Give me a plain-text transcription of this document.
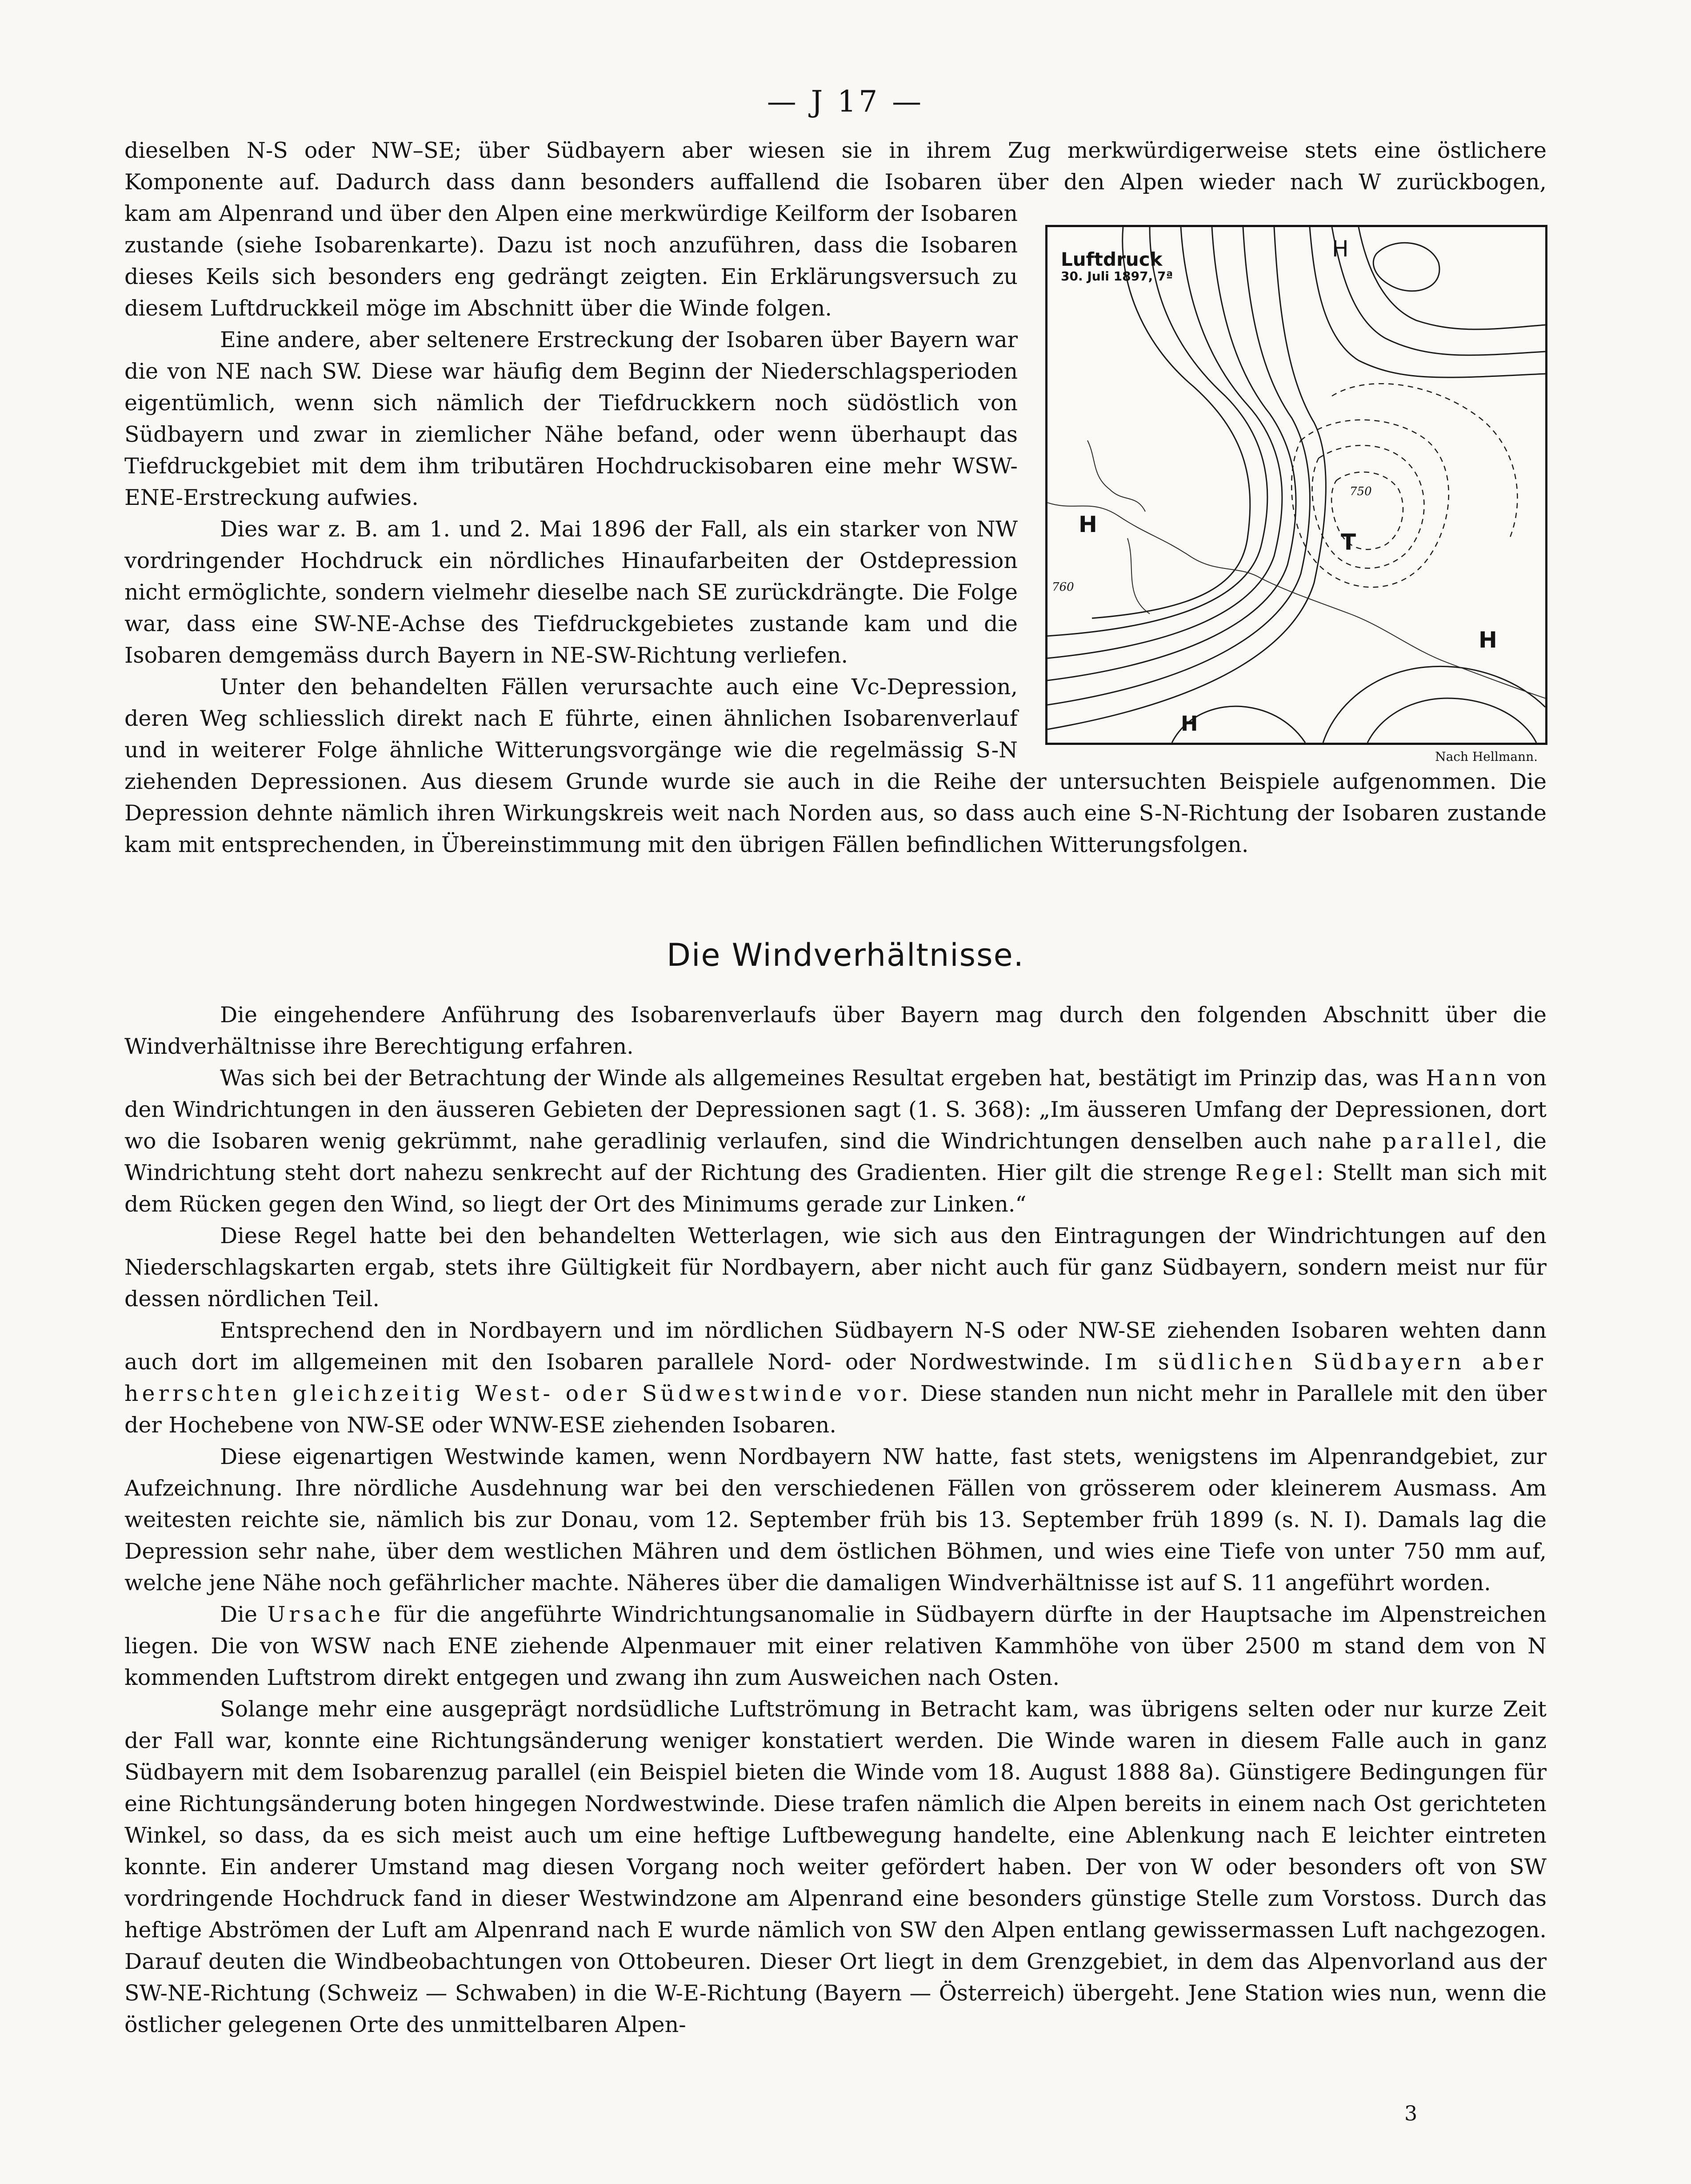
— J 17 —

dieselben N-S oder NW–SE; über Südbayern aber wiesen sie in ihrem Zug merkwürdigerweise stets eine östlichere Komponente auf. Dadurch dass dann besonders auffallend die Isobaren über den Alpen wieder nach W zurückbogen,

kam am Alpenrand und über den Alpen eine merkwürdige Keilform der Isobaren zustande (siehe Isobarenkarte). Dazu ist noch anzuführen, dass die Isobaren dieses Keils sich besonders eng gedrängt zeigten. Ein Erklärungsversuch zu diesem Luftdruckkeil möge im Abschnitt über die Winde folgen.

Eine andere, aber seltenere Erstreckung der Isobaren über Bayern war die von NE nach SW. Diese war häufig dem Beginn der Niederschlagsperioden eigentümlich, wenn sich nämlich der Tiefdruckkern noch südöstlich von Südbayern und zwar in ziemlicher Nähe befand, oder wenn überhaupt das Tiefdruckgebiet mit dem ihm tributären Hochdruckisobaren eine mehr WSW-ENE-Erstreckung aufwies.

Dies war z. B. am 1. und 2. Mai 1896 der Fall, als ein starker von NW vordringender Hochdruck ein nördliches Hinaufarbeiten der Ostdepression nicht ermöglichte, sondern vielmehr dieselbe nach SE zurückdrängte. Die Folge war, dass eine SW-NE-Achse des Tiefdruckgebietes zustande kam und die Isobaren demgemäss durch Bayern in NE-SW-Richtung verliefen.

Unter den behandelten Fällen verursachte auch eine Vc-Depression, deren Weg schliesslich direkt nach E führte, einen ähnlichen Isobarenverlauf und in weiterer Folge ähnliche Witterungsvorgänge wie die regelmässig S-N

ziehenden Depressionen. Aus diesem Grunde wurde sie auch in die Reihe der untersuchten Beispiele aufgenommen. Die Depression dehnte nämlich ihren Wirkungskreis weit nach Norden aus, so dass auch eine S-N-Richtung der Isobaren zustande kam mit entsprechenden, in Übereinstimmung mit den übrigen Fällen befindlichen Witterungsfolgen.

Luftdruck
30. Juli 1897, 7ª
H
H
T
H
H
760
750
Nach Hellmann.
Die Windverhältnisse.

Die eingehendere Anführung des Isobarenverlaufs über Bayern mag durch den folgenden Abschnitt über die Windverhältnisse ihre Berechtigung erfahren.

Was sich bei der Betrachtung der Winde als allgemeines Resultat ergeben hat, bestätigt im Prinzip das, was Hann von den Windrichtungen in den äusseren Gebieten der Depressionen sagt (1. S. 368): „Im äusseren Umfang der Depressionen, dort wo die Isobaren wenig gekrümmt, nahe geradlinig verlaufen, sind die Windrichtungen denselben auch nahe parallel, die Windrichtung steht dort nahezu senkrecht auf der Richtung des Gradienten. Hier gilt die strenge Regel: Stellt man sich mit dem Rücken gegen den Wind, so liegt der Ort des Minimums gerade zur Linken.“

Diese Regel hatte bei den behandelten Wetterlagen, wie sich aus den Eintragungen der Windrichtungen auf den Niederschlagskarten ergab, stets ihre Gültigkeit für Nordbayern, aber nicht auch für ganz Südbayern, sondern meist nur für dessen nördlichen Teil.

Entsprechend den in Nordbayern und im nördlichen Südbayern N-S oder NW-SE ziehenden Isobaren wehten dann auch dort im allgemeinen mit den Isobaren parallele Nord- oder Nordwestwinde. Im südlichen Südbayern aber herrschten gleichzeitig West- oder Südwestwinde vor. Diese standen nun nicht mehr in Parallele mit den über der Hochebene von NW-SE oder WNW-ESE ziehenden Isobaren.

Diese eigenartigen Westwinde kamen, wenn Nordbayern NW hatte, fast stets, wenigstens im Alpenrandgebiet, zur Aufzeichnung. Ihre nördliche Ausdehnung war bei den verschiedenen Fällen von grösserem oder kleinerem Ausmass. Am weitesten reichte sie, nämlich bis zur Donau, vom 12. September früh bis 13. September früh 1899 (s. N. I). Damals lag die Depression sehr nahe, über dem westlichen Mähren und dem östlichen Böhmen, und wies eine Tiefe von unter 750 mm auf, welche jene Nähe noch gefährlicher machte. Näheres über die damaligen Windverhältnisse ist auf S. 11 angeführt worden.

Die Ursache für die angeführte Windrichtungsanomalie in Südbayern dürfte in der Hauptsache im Alpenstreichen liegen. Die von WSW nach ENE ziehende Alpenmauer mit einer relativen Kammhöhe von über 2500 m stand dem von N kommenden Luftstrom direkt entgegen und zwang ihn zum Ausweichen nach Osten.

Solange mehr eine ausgeprägt nordsüdliche Luftströmung in Betracht kam, was übrigens selten oder nur kurze Zeit der Fall war, konnte eine Richtungsänderung weniger konstatiert werden. Die Winde waren in diesem Falle auch in ganz Südbayern mit dem Isobarenzug parallel (ein Beispiel bieten die Winde vom 18. August 1888 8a). Günstigere Bedingungen für eine Richtungsänderung boten hingegen Nordwestwinde. Diese trafen nämlich die Alpen bereits in einem nach Ost gerichteten Winkel, so dass, da es sich meist auch um eine heftige Luftbewegung handelte, eine Ablenkung nach E leichter eintreten konnte. Ein anderer Umstand mag diesen Vorgang noch weiter gefördert haben. Der von W oder besonders oft von SW vordringende Hochdruck fand in dieser Westwindzone am Alpenrand eine besonders günstige Stelle zum Vorstoss. Durch das heftige Abströmen der Luft am Alpenrand nach E wurde nämlich von SW den Alpen entlang gewissermassen Luft nachgezogen. Darauf deuten die Windbeobachtungen von Ottobeuren. Dieser Ort liegt in dem Grenzgebiet, in dem das Alpenvorland aus der SW-NE-Richtung (Schweiz — Schwaben) in die W-E-Richtung (Bayern — Österreich) übergeht. Jene Station wies nun, wenn die östlicher gelegenen Orte des unmittelbaren Alpen-

3
